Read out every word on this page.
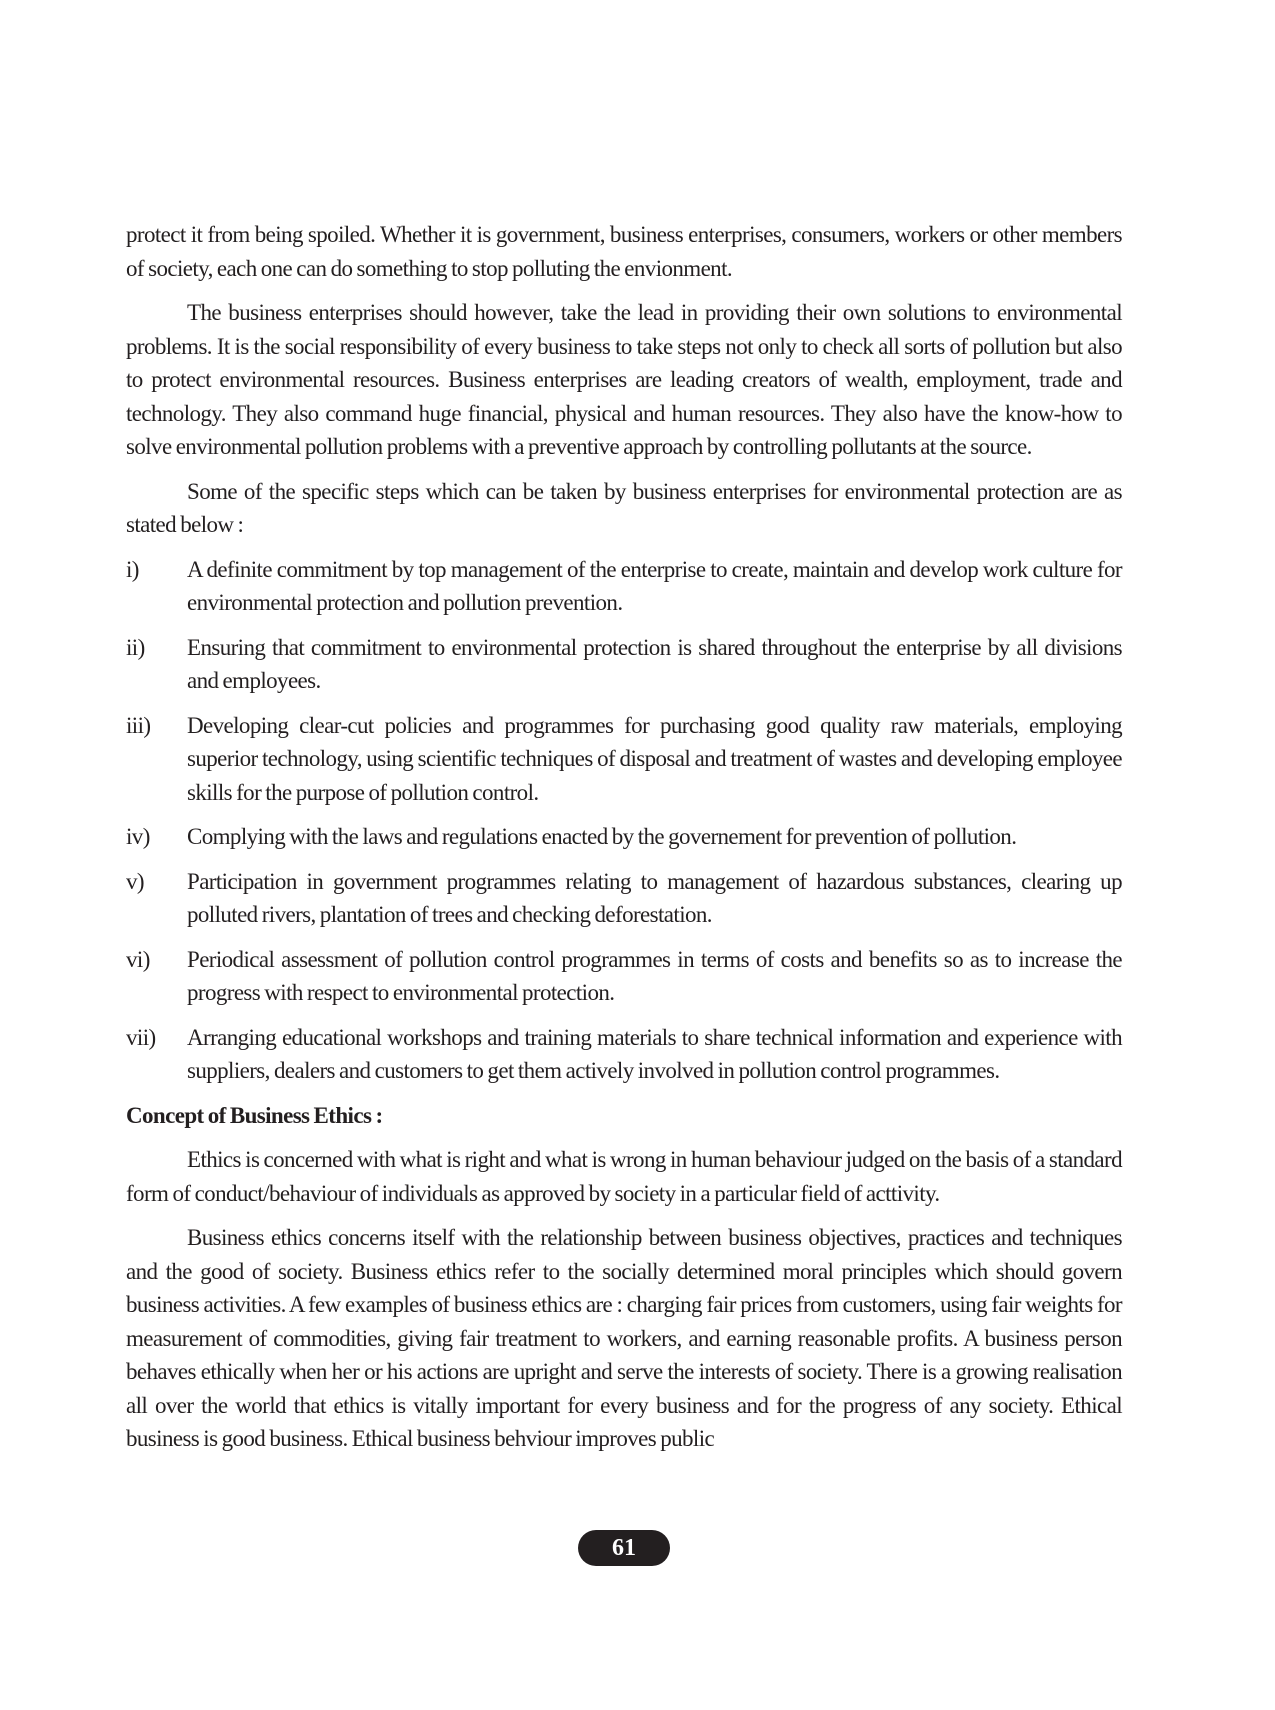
protect it from being spoiled. Whether it is government, business enterprises, consumers, workers or other members of society, each one can do something to stop polluting the envionment.

The business enterprises should however, take the lead in providing their own solutions to environmental problems. It is the social responsibility of every business to take steps not only to check all sorts of pollution but also to protect environmental resources. Business enterprises are leading creators of wealth, employment, trade and technology. They also command huge financial, physical and human resources. They also have the know-how to solve environmental pollution problems with a preventive approach by controlling pollutants at the source.

Some of the specific steps which can be taken by business enterprises for environmental protection are as stated below :

i)	A definite commitment by top management of the enterprise to create, maintain and develop work culture for environmental protection and pollution prevention.
ii)	Ensuring that commitment to environmental protection is shared throughout the enterprise by all divisions and employees.
iii)	Developing clear-cut policies and programmes for purchasing good quality raw materials, employing superior technology, using scientific techniques of disposal and treatment of wastes and developing employee skills for the purpose of pollution control.
iv)	Complying with the laws and regulations enacted by the governement for prevention of pollution.
v)	Participation in government programmes relating to management of hazardous substances, clearing up polluted rivers, plantation of trees and checking deforestation.
vi)	Periodical assessment of pollution control programmes in terms of costs and benefits so as to increase the progress with respect to environmental protection.
vii)	Arranging educational workshops and training materials to share technical information and experience with suppliers, dealers and customers to get them actively involved in pollution control programmes.
Concept of Business Ethics :

Ethics is concerned with what is right and what is wrong in human behaviour judged on the basis of a standard form of conduct/behaviour of individuals as approved by society in a particular field of acttivity.

Business ethics concerns itself with the relationship between business objectives, practices and techniques and the good of society. Business ethics refer to the socially determined moral principles which should govern business activities. A few examples of business ethics are : charging fair prices from customers, using fair weights for measurement of commodities, giving fair treatment to workers, and earning reasonable profits. A business person behaves ethically when her or his actions are upright and serve the interests of society. There is a growing realisation all over the world that ethics is vitally important for every business and for the progress of any society. Ethical business is good business. Ethical business behviour improves public

61
